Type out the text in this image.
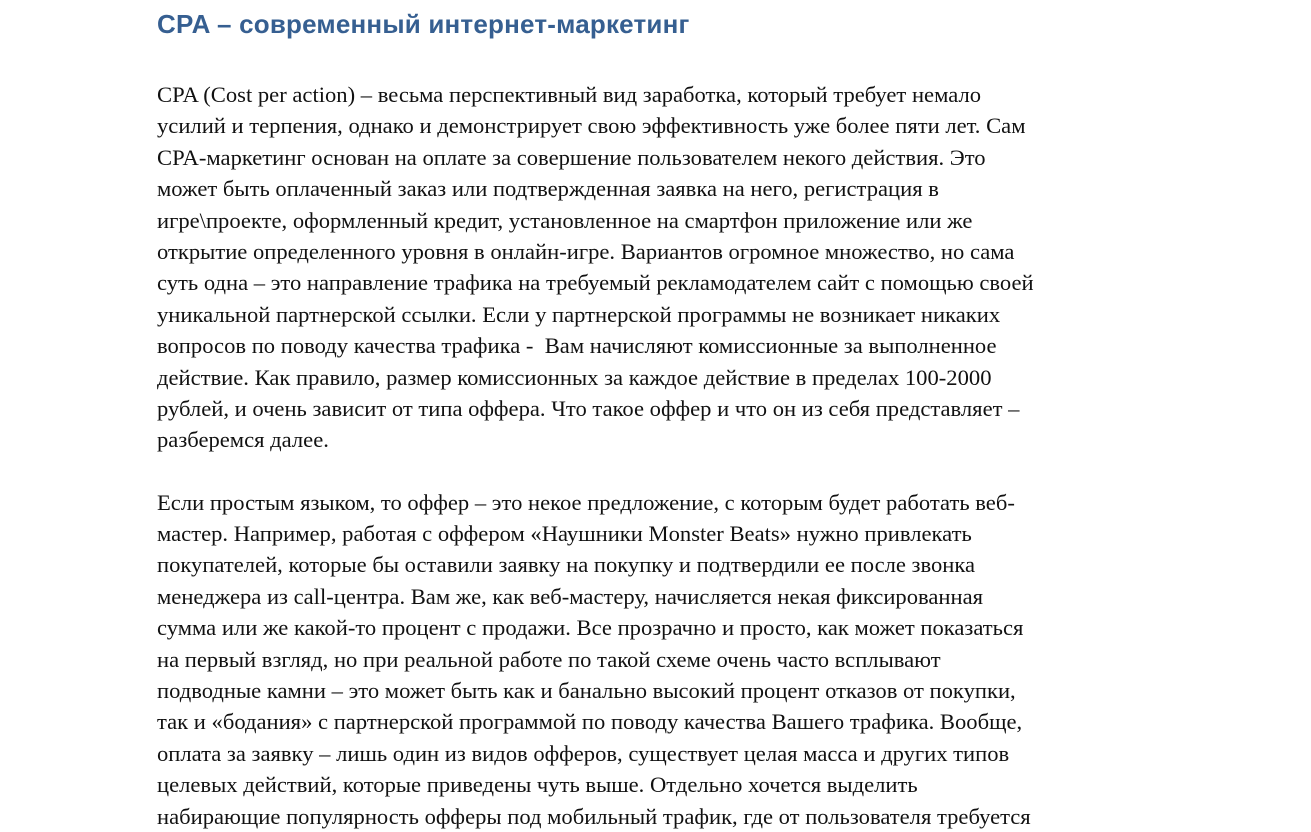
CPA – современный интернет-маркетинг

CPA (Cost per action) – весьма перспективный вид заработка, который требует немало
усилий и терпения, однако и демонстрирует свою эффективность уже более пяти лет. Сам
CPA-маркетинг основан на оплате за совершение пользователем некого действия. Это
может быть оплаченный заказ или подтвержденная заявка на него, регистрация в
игре\проекте, оформленный кредит, установленное на смартфон приложение или же
открытие определенного уровня в онлайн-игре. Вариантов огромное множество, но сама
суть одна – это направление трафика на требуемый рекламодателем сайт с помощью своей
уникальной партнерской ссылки. Если у партнерской программы не возникает никаких
вопросов по поводу качества трафика -  Вам начисляют комиссионные за выполненное
действие. Как правило, размер комиссионных за каждое действие в пределах 100-2000
рублей, и очень зависит от типа оффера. Что такое оффер и что он из себя представляет –
разберемся далее.

Если простым языком, то оффер – это некое предложение, с которым будет работать веб-
мастер. Например, работая с оффером «Наушники Monster Beats» нужно привлекать
покупателей, которые бы оставили заявку на покупку и подтвердили ее после звонка
менеджера из call-центра. Вам же, как веб-мастеру, начисляется некая фиксированная
сумма или же какой-то процент с продажи. Все прозрачно и просто, как может показаться
на первый взгляд, но при реальной работе по такой схеме очень часто всплывают
подводные камни – это может быть как и банально высокий процент отказов от покупки,
так и «бодания» с партнерской программой по поводу качества Вашего трафика. Вообще,
оплата за заявку – лишь один из видов офферов, существует целая масса и других типов
целевых действий, которые приведены чуть выше. Отдельно хочется выделить
набирающие популярность офферы под мобильный трафик, где от пользователя требуется
